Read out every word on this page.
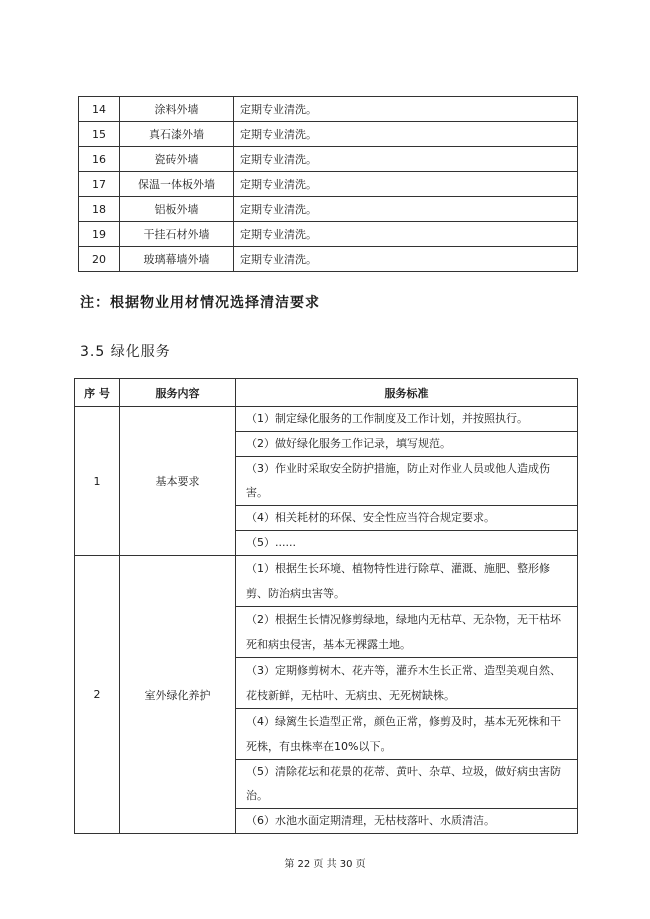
14	涂料外墙	定期专业清洗。
15	真石漆外墙	定期专业清洗。
16	瓷砖外墙	定期专业清洗。
17	保温一体板外墙	定期专业清洗。
18	铝板外墙	定期专业清洗。
19	干挂石材外墙	定期专业清洗。
20	玻璃幕墙外墙	定期专业清洗。
注：根据物业用材情况选择清洁要求
3.5 绿化服务
序 号	服务内容	服务标准
1	基本要求	（1）制定绿化服务的工作制度及工作计划，并按照执行。

		（2）做好绿化服务工作记录，填写规范。

		（3）作业时采取安全防护措施，防止对作业人员或他人造成伤害。

		（4）相关耗材的环保、安全性应当符合规定要求。

		（5）......

2	室外绿化养护	（1）根据生长环境、植物特性进行除草、灌溉、施肥、整形修剪、防治病虫害等。

		（2）根据生长情况修剪绿地，绿地内无枯草、无杂物，无干枯坏死和病虫侵害，基本无裸露土地。

		（3）定期修剪树木、花卉等，灌乔木生长正常、造型美观自然、花枝新鲜，无枯叶、无病虫、无死树缺株。

		（4）绿篱生长造型正常，颜色正常，修剪及时，基本无死株和干死株，有虫株率在10%以下。

		（5）清除花坛和花景的花蒂、黄叶、杂草、垃圾，做好病虫害防治。

		（6）水池水面定期清理，无枯枝落叶、水质清洁。
第 22 页 共 30 页
